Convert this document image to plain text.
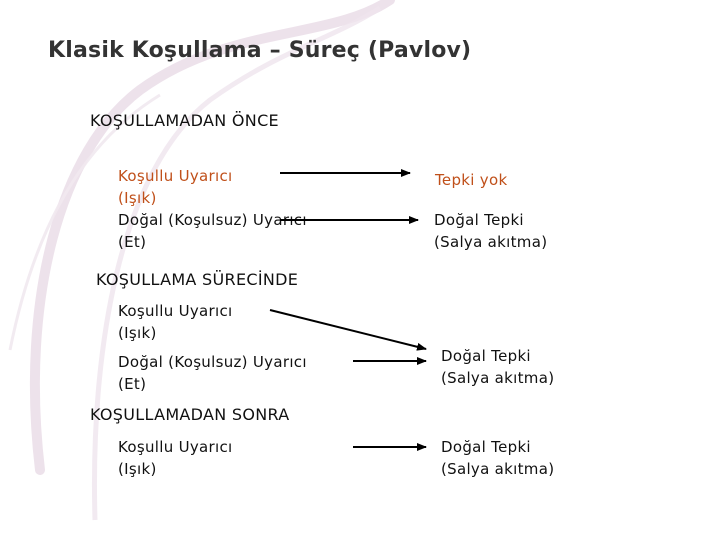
Klasik Koşullama – Süreç (Pavlov)
KOŞULLAMADAN ÖNCE
Koşullu Uyarıcı
(Işık)
Doğal (Koşulsuz) Uyarıcı
(Et)
Tepki yok
Doğal Tepki
(Salya akıtma)
KOŞULLAMA SÜRECİNDE
Koşullu Uyarıcı
(Işık)
Doğal (Koşulsuz) Uyarıcı
(Et)
Doğal Tepki
(Salya akıtma)
KOŞULLAMADAN SONRA
Koşullu Uyarıcı
(Işık)
Doğal Tepki
(Salya akıtma)
